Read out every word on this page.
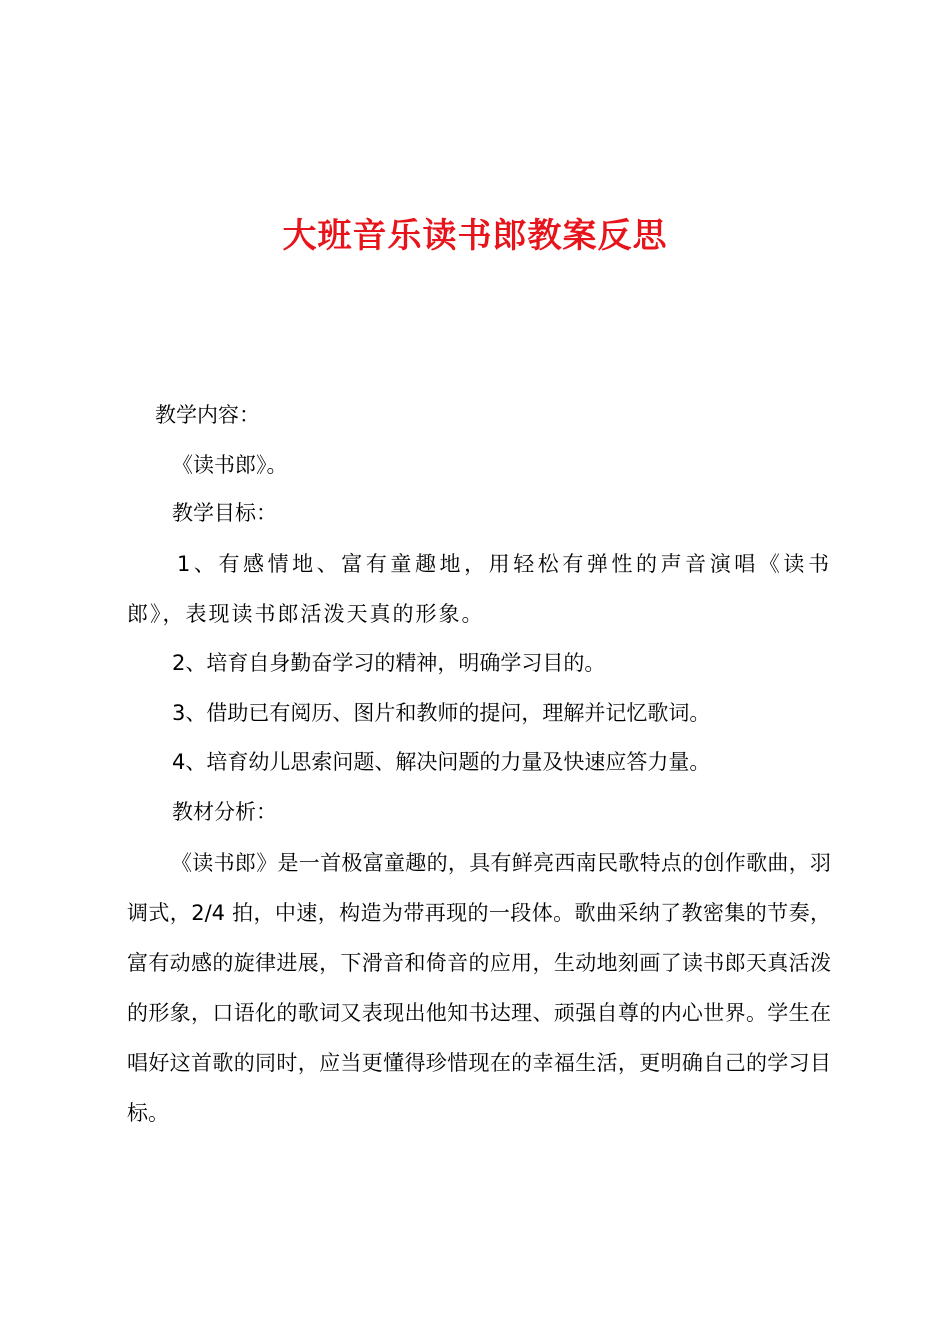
大班音乐读书郎教案反思

教学内容：

《读书郎》。

教学目标：

1、有感情地、富有童趣地，用轻松有弹性的声音演唱《读书郎》，表现读书郎活泼天真的形象。

2、培育自身勤奋学习的精神，明确学习目的。

3、借助已有阅历、图片和教师的提问，理解并记忆歌词。

4、培育幼儿思索问题、解决问题的力量及快速应答力量。

教材分析：

《读书郎》是一首极富童趣的，具有鲜亮西南民歌特点的创作歌曲，羽调式，2/4 拍，中速，构造为带再现的一段体。歌曲采纳了教密集的节奏，富有动感的旋律进展，下滑音和倚音的应用，生动地刻画了读书郎天真活泼的形象，口语化的歌词又表现出他知书达理、顽强自尊的内心世界。学生在唱好这首歌的同时，应当更懂得珍惜现在的幸福生活，更明确自己的学习目标。
